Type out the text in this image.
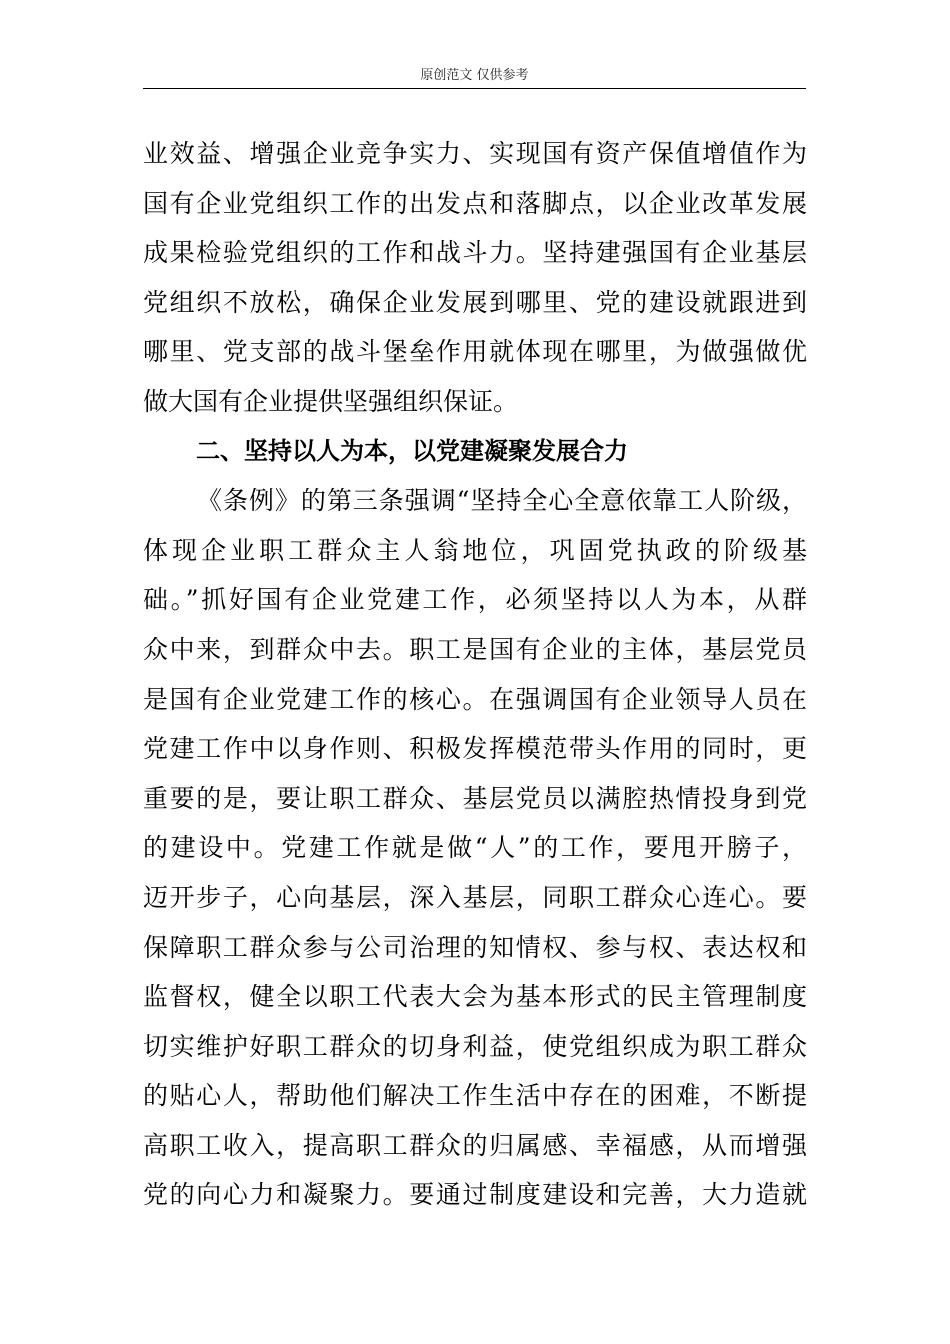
原创范文 仅供参考
业效益、增强企业竞争实力、实现国有资产保值增值作为
国有企业党组织工作的出发点和落脚点，以企业改革发展
成果检验党组织的工作和战斗力。坚持建强国有企业基层
党组织不放松，确保企业发展到哪里、党的建设就跟进到
哪里、党支部的战斗堡垒作用就体现在哪里，为做强做优
做大国有企业提供坚强组织保证。
二、坚持以人为本，以党建凝聚发展合力
《条例》的第三条强调“坚持全心全意依靠工人阶级，
体现企业职工群众主人翁地位，巩固党执政的阶级基
础。”抓好国有企业党建工作，必须坚持以人为本，从群
众中来，到群众中去。职工是国有企业的主体，基层党员
是国有企业党建工作的核心。在强调国有企业领导人员在
党建工作中以身作则、积极发挥模范带头作用的同时，更
重要的是，要让职工群众、基层党员以满腔热情投身到党
的建设中。党建工作就是做“人”的工作，要甩开膀子，
迈开步子，心向基层，深入基层，同职工群众心连心。要
保障职工群众参与公司治理的知情权、参与权、表达权和
监督权，健全以职工代表大会为基本形式的民主管理制度
切实维护好职工群众的切身利益，使党组织成为职工群众
的贴心人，帮助他们解决工作生活中存在的困难，不断提
高职工收入，提高职工群众的归属感、幸福感，从而增强
党的向心力和凝聚力。要通过制度建设和完善，大力造就
